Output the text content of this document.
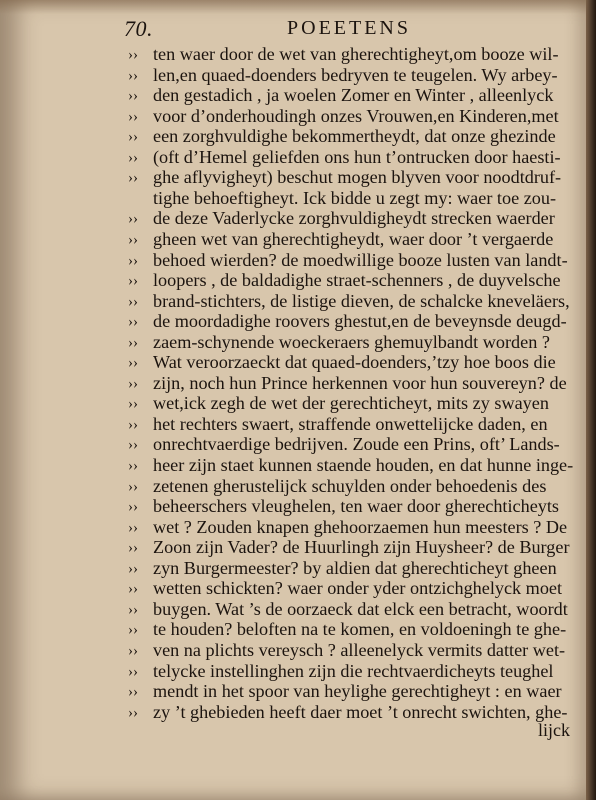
70.	POEETENS
›› ten waer door de wet van gherechtigheyt,om booze wil-
›› len,en quaed-doenders bedryven te teugelen. Wy arbey-
›› den gestadich , ja woelen Zomer en Winter , alleenlyck
›› voor d’onderhoudingh onzes Vrouwen,en Kinderen,met
›› een zorghvuldighe bekommertheydt, dat onze ghezinde
›› (oft d’Hemel geliefden ons hun t’ontrucken door haesti-
›› ghe aflyvigheyt) beschut mogen blyven voor noodtdruf-
tighe behoeftigheyt. Ick bidde u zegt my: waer toe zou-
›› de deze Vaderlycke zorghvuldigheydt strecken waerder
›› gheen wet van gherechtigheydt, waer door ’t vergaerde
›› behoed wierden? de moedwillige booze lusten van landt-
›› loopers , de baldadighe straet-schenners , de duyvelsche
›› brand-stichters, de listige dieven, de schalcke kneveläers,
›› de moordadighe roovers ghestut,en de beveynsde deugd-
›› zaem-schynende woeckeraers ghemuylbandt worden ?
›› Wat veroorzaeckt dat quaed-doenders,’tzy hoe boos die
›› zijn, noch hun Prince herkennen voor hun souvereyn? de
›› wet,ick zegh de wet der gerechticheyt, mits zy swayen
›› het rechters swaert, straffende onwettelijcke daden, en
›› onrechtvaerdige bedrijven. Zoude een Prins, oft’ Lands-
›› heer zijn staet kunnen staende houden, en dat hunne inge-
›› zetenen gherustelijck schuylden onder behoedenis des
›› beheerschers vleughelen, ten waer door gherechticheyts
›› wet ? Zouden knapen ghehoorzaemen hun meesters ? De
›› Zoon zijn Vader? de Huurlingh zijn Huysheer? de Burger
›› zyn Burgermeester? by aldien dat gherechticheyt gheen
›› wetten schickten? waer onder yder ontzichghelyck moet
›› buygen. Wat ’s de oorzaeck dat elck een betracht, woordt
›› te houden? beloften na te komen, en voldoeningh te ghe-
›› ven na plichts vereysch ? alleenelyck vermits datter wet-
›› telycke instellinghen zijn die rechtvaerdicheyts teughel
›› mendt in het spoor van heylighe gerechtigheyt : en waer
›› zy ’t ghebieden heeft daer moet ’t onrecht swichten, ghe-
lijck
